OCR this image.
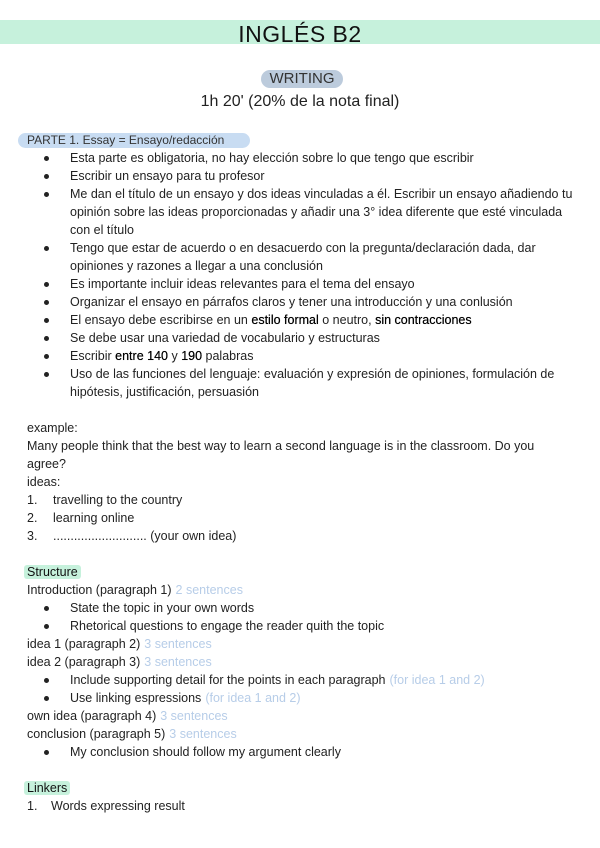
INGLÉS B2
WRITING
1h 20' (20% de la nota final)
PARTE 1. Essay = Ensayo/redacción
Esta parte es obligatoria, no hay elección sobre lo que tengo que escribir
Escribir un ensayo para tu profesor
Me dan el título de un ensayo y dos ideas vinculadas a él. Escribir un ensayo añadiendo tu opinión sobre las ideas proporcionadas y añadir una 3° idea diferente que esté vinculada con el título
Tengo que estar de acuerdo o en desacuerdo con la pregunta/declaración dada, dar opiniones y razones a llegar a una conclusión
Es importante incluir ideas relevantes para el tema del ensayo
Organizar el ensayo en párrafos claros y tener una introducción y una conlusión
El ensayo debe escribirse en un estilo formal o neutro, sin contracciones
Se debe usar una variedad de vocabulario y estructuras
Escribir entre 140 y 190 palabras
Uso de las funciones del lenguaje: evaluación y expresión de opiniones, formulación de hipótesis, justificación, persuasión
example:
Many people think that the best way to learn a second language is in the classroom. Do you agree?
ideas:
1. travelling to the country
2. learning online
3. ........................... (your own idea)
Structure
Introduction (paragraph 1) 2 sentences
State the topic in your own words
Rhetorical questions to engage the reader quith the topic
idea 1 (paragraph 2) 3 sentences
idea 2 (paragraph 3) 3 sentences
Include supporting detail for the points in each paragraph (for idea 1 and 2)
Use linking espressions (for idea 1 and 2)
own idea (paragraph 4) 3 sentences
conclusion (paragraph 5) 3 sentences
My conclusion should follow my argument clearly
Linkers
1. Words expressing result
